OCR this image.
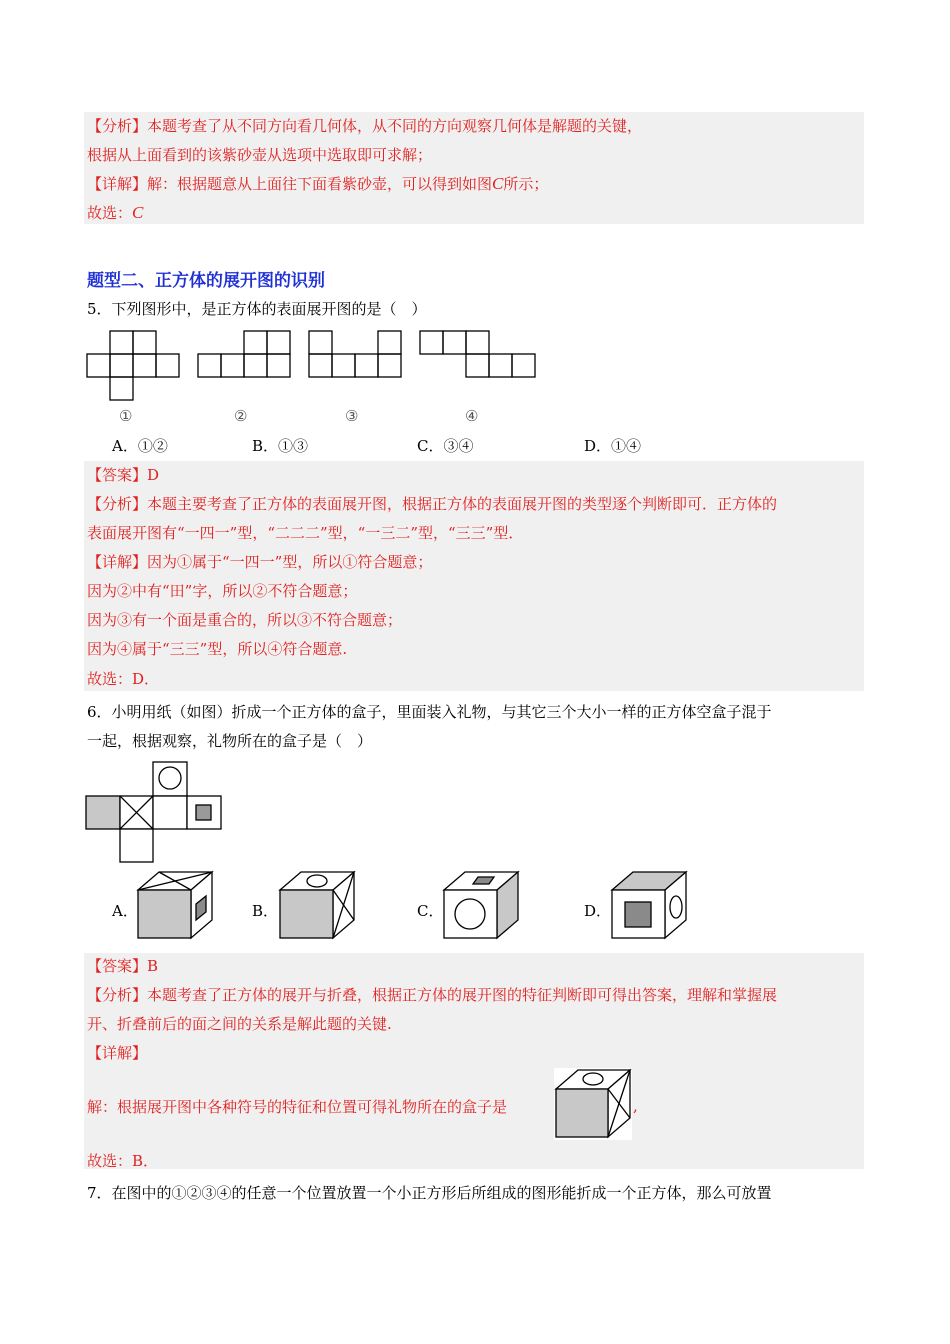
【分析】本题考查了从不同方向看几何体，从不同的方向观察几何体是解题的关键，
根据从上面看到的该紫砂壶从选项中选取即可求解；
【详解】解：根据题意从上面往下面看紫砂壶，可以得到如图C所示；
故选：C
题型二、正方体的展开图的识别
5．下列图形中，是正方体的表面展开图的是（　）
①	②	③	④
A．①②	B．①③	C．③④	D．①④
【答案】D
【分析】本题主要考查了正方体的表面展开图，根据正方体的表面展开图的类型逐个判断即可．正方体的
表面展开图有“一四一”型，“二二二”型，“一三二”型，“三三”型．
【详解】因为①属于“一四一”型，所以①符合题意；
因为②中有“田”字，所以②不符合题意；
因为③有一个面是重合的，所以③不符合题意；
因为④属于“三三”型，所以④符合题意.
故选：D．
6．小明用纸（如图）折成一个正方体的盒子，里面装入礼物，与其它三个大小一样的正方体空盒子混于
一起，根据观察，礼物所在的盒子是（　）
A．	B．	C．	D．
【答案】B
【分析】本题考查了正方体的展开与折叠，根据正方体的展开图的特征判断即可得出答案，理解和掌握展
开、折叠前后的面之间的关系是解此题的关键.
【详解】
解：根据展开图中各种符号的特征和位置可得礼物所在的盒子是	,
故选：B．
7．在图中的①②③④的任意一个位置放置一个小正方形后所组成的图形能折成一个正方体，那么可放置
